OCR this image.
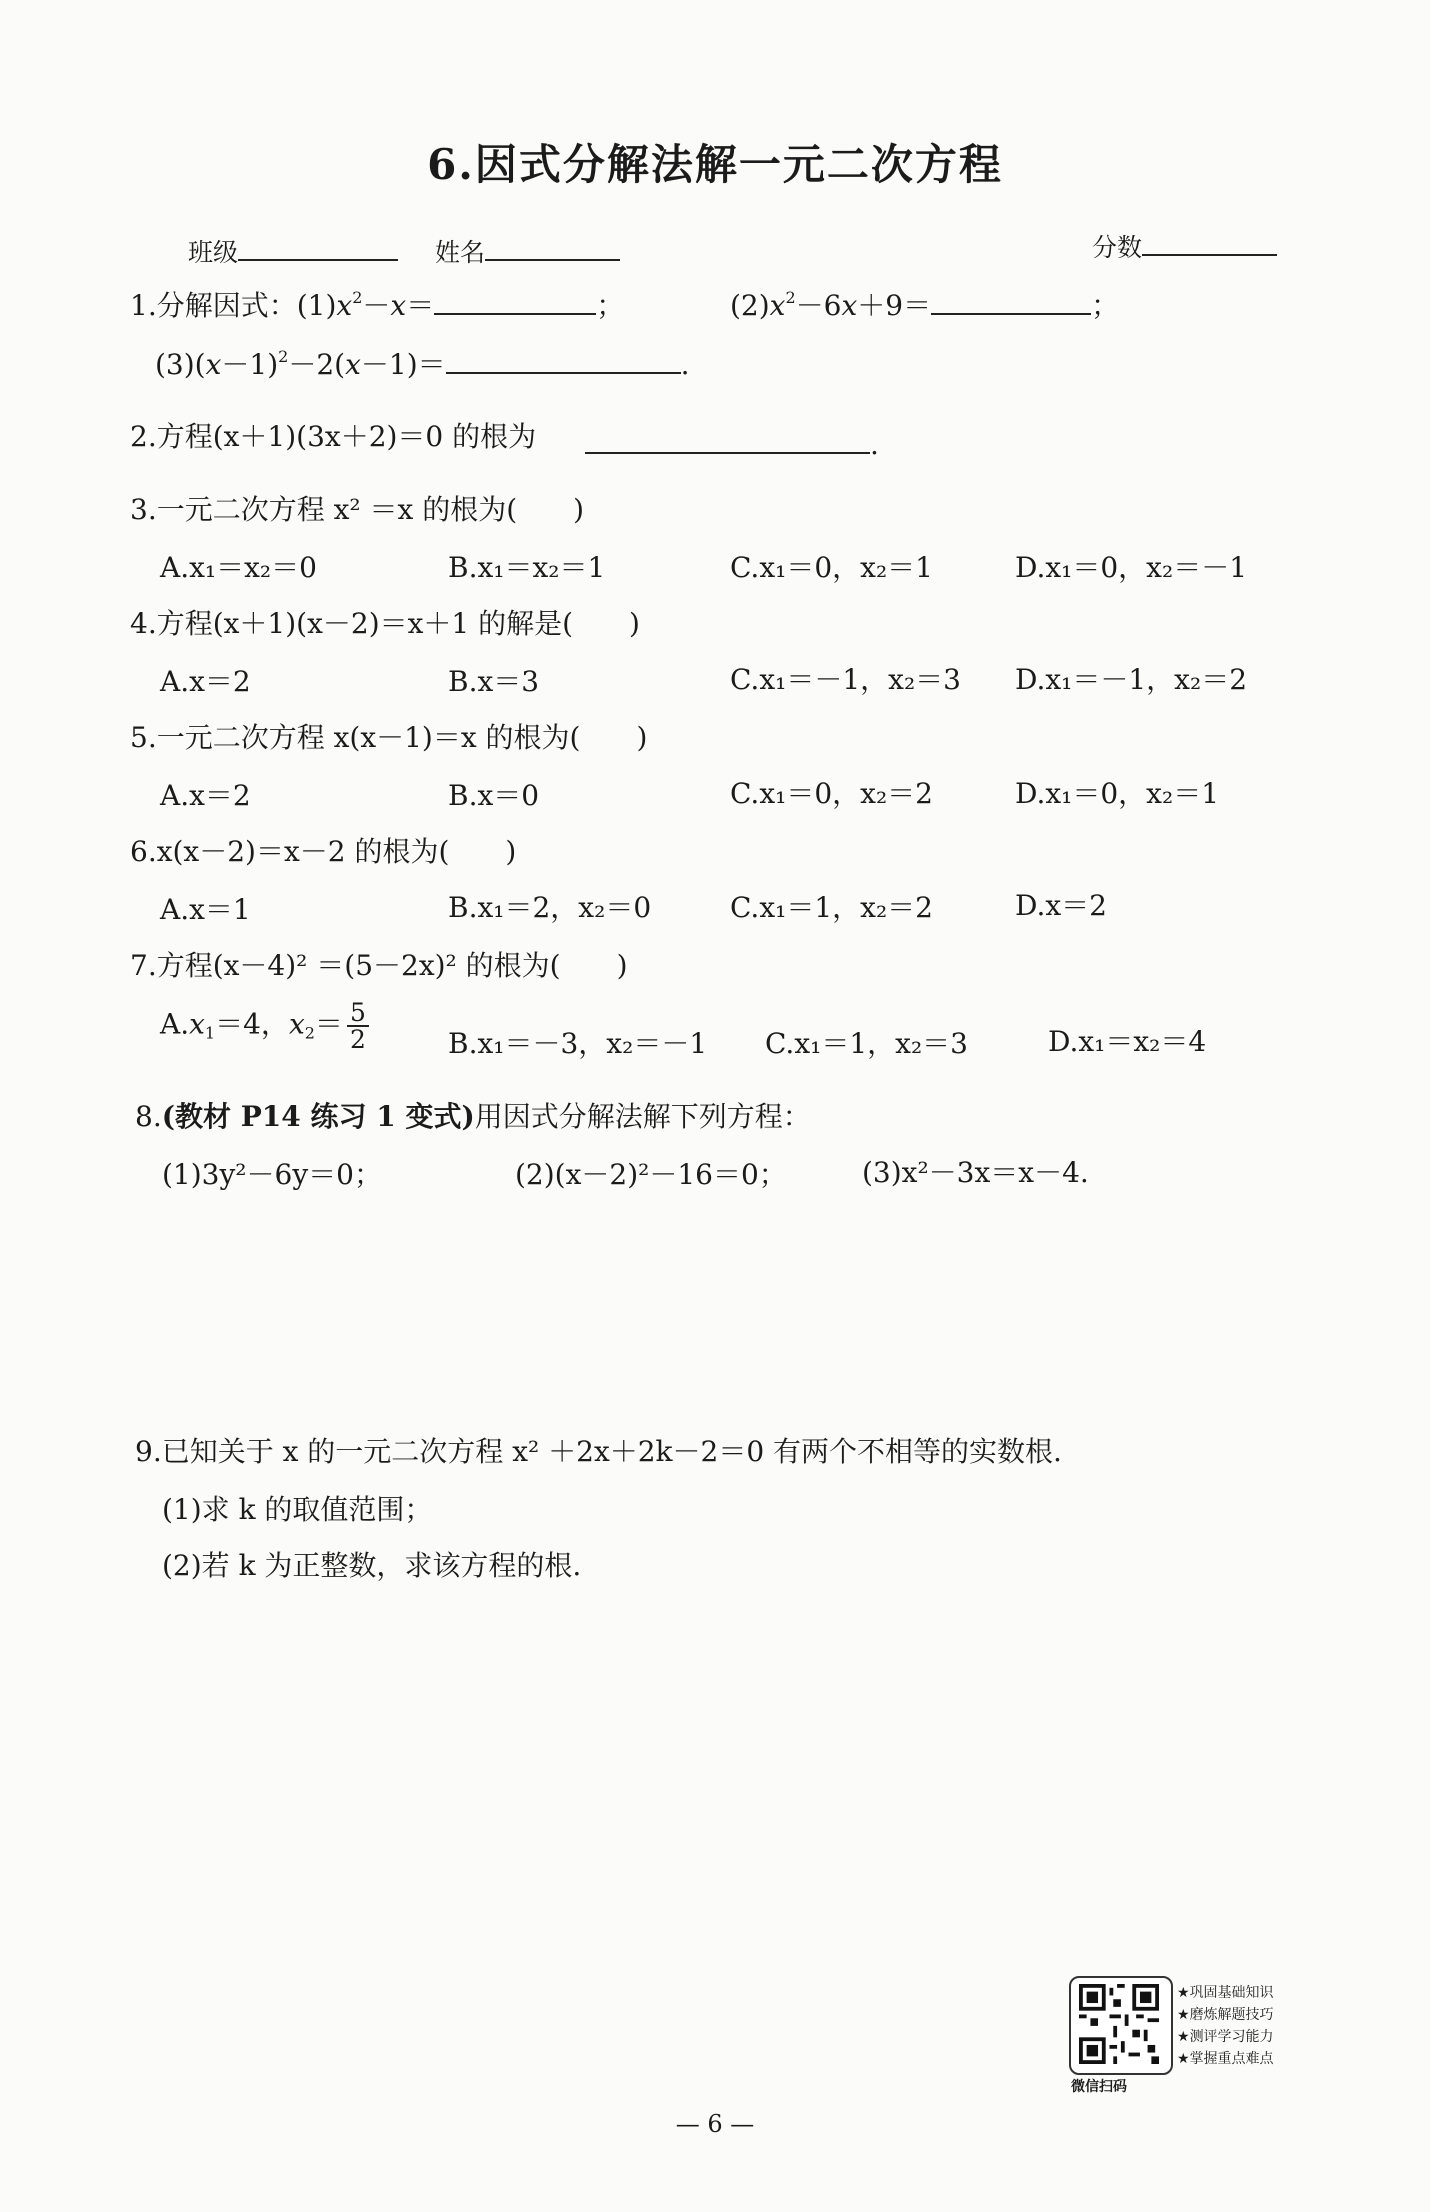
6.因式分解法解一元二次方程
班级	姓名	分数
1.分解因式：$(1)x^2-x=$	；	$(2)x^2-6x+9=$	；
$(3)(x-1)^2-2(x-1)=$	.
2.方程(x＋1)(3x＋2)＝0 的根为	.
3.一元二次方程 x² ＝x 的根为(　　)
A.x₁＝x₂＝0	B.x₁＝x₂＝1	C.x₁＝0，x₂＝1	D.x₁＝0，x₂＝－1
4.方程(x＋1)(x－2)＝x＋1 的解是(　　)
A.x＝2	B.x＝3	C.x₁＝－1，x₂＝3 D.x₁＝－1，x₂＝2
5.一元二次方程 x(x－1)＝x 的根为(　　)
A.x＝2	B.x＝0	C.x₁＝0，x₂＝2	D.x₁＝0，x₂＝1
6.x(x－2)＝x－2 的根为(　　)
A.x＝1	B.x₁＝2，x₂＝0	C.x₁＝1，x₂＝2	D.x＝2
7.方程(x－4)² ＝(5－2x)² 的根为(　　)
$A.x_1=4$，$x_2= \frac{5}{2}$	B.x₁＝－3，x₂＝－1 C.x₁＝1，x₂＝3	D.x₁＝x₂＝4
8.(教材 P14 练习 1 变式)用因式分解法解下列方程：
(1)3y²－6y＝0；	(2)(x－2)²－16＝0；	(3)x²－3x＝x－4.
9.已知关于 x 的一元二次方程 x² ＋2x＋2k－2＝0 有两个不相等的实数根.
(1)求 k 的取值范围；
(2)若 k 为正整数，求该方程的根.
微信扫码
★巩固基础知识
★磨炼解题技巧
★测评学习能力
★掌握重点难点
— 6 —
